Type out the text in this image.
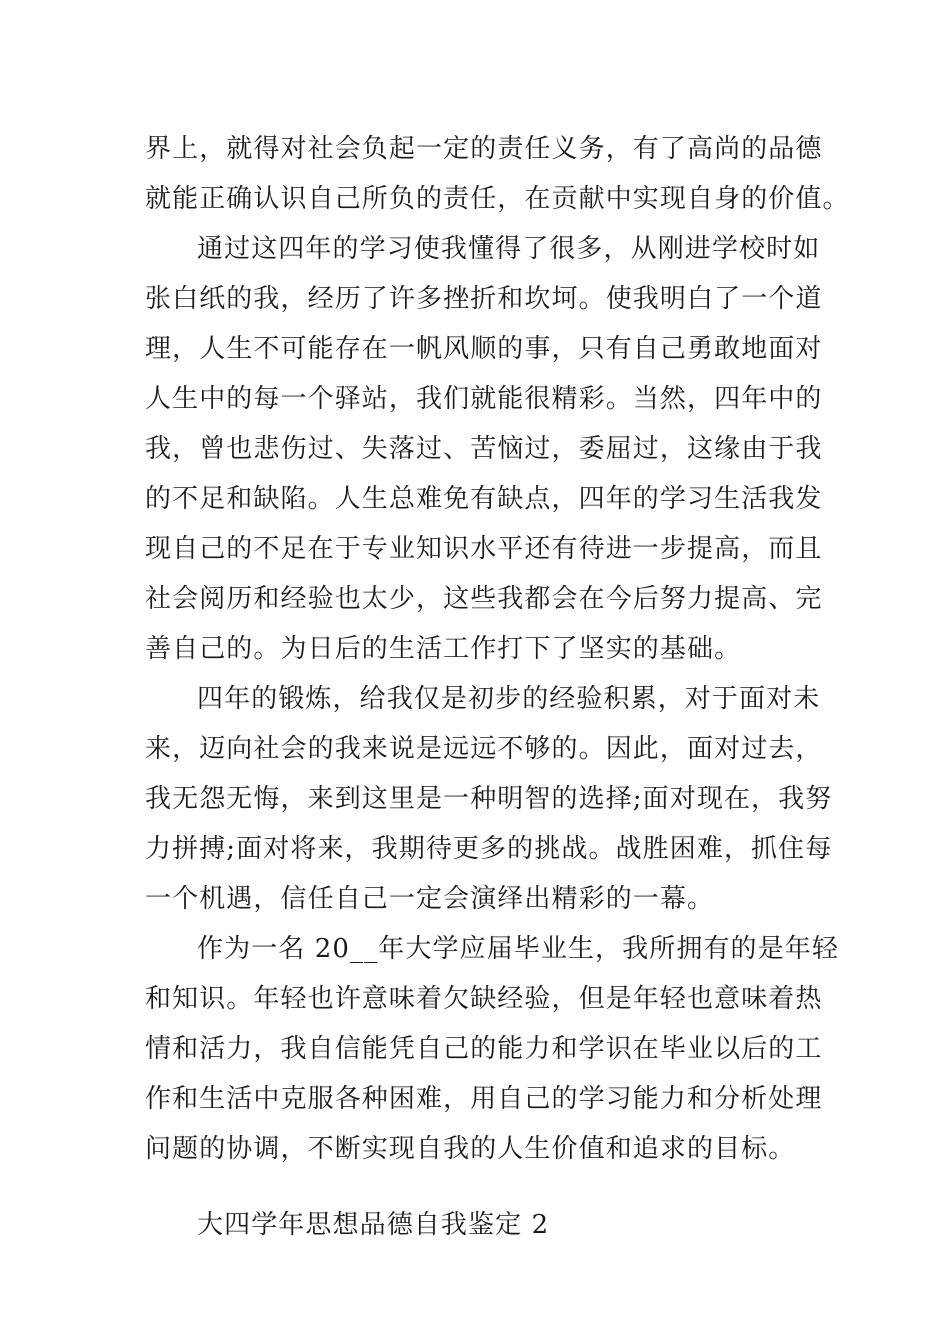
界上，就得对社会负起一定的责任义务，有了高尚的品德
就能正确认识自己所负的责任，在贡献中实现自身的价值。
通过这四年的学习使我懂得了很多，从刚进学校时如
张白纸的我，经历了许多挫折和坎坷。使我明白了一个道
理，人生不可能存在一帆风顺的事，只有自己勇敢地面对
人生中的每一个驿站，我们就能很精彩。当然，四年中的
我，曾也悲伤过、失落过、苦恼过，委屈过，这缘由于我
的不足和缺陷。人生总难免有缺点，四年的学习生活我发
现自己的不足在于专业知识水平还有待进一步提高，而且
社会阅历和经验也太少，这些我都会在今后努力提高、完
善自己的。为日后的生活工作打下了坚实的基础。
四年的锻炼，给我仅是初步的经验积累，对于面对未
来，迈向社会的我来说是远远不够的。因此，面对过去，
我无怨无悔，来到这里是一种明智的选择;面对现在，我努
力拼搏;面对将来，我期待更多的挑战。战胜困难，抓住每
一个机遇，信任自己一定会演绎出精彩的一幕。
作为一名 20__年大学应届毕业生，我所拥有的是年轻
和知识。年轻也许意味着欠缺经验，但是年轻也意味着热
情和活力，我自信能凭自己的能力和学识在毕业以后的工
作和生活中克服各种困难，用自己的学习能力和分析处理
问题的协调，不断实现自我的人生价值和追求的目标。
大四学年思想品德自我鉴定 2
